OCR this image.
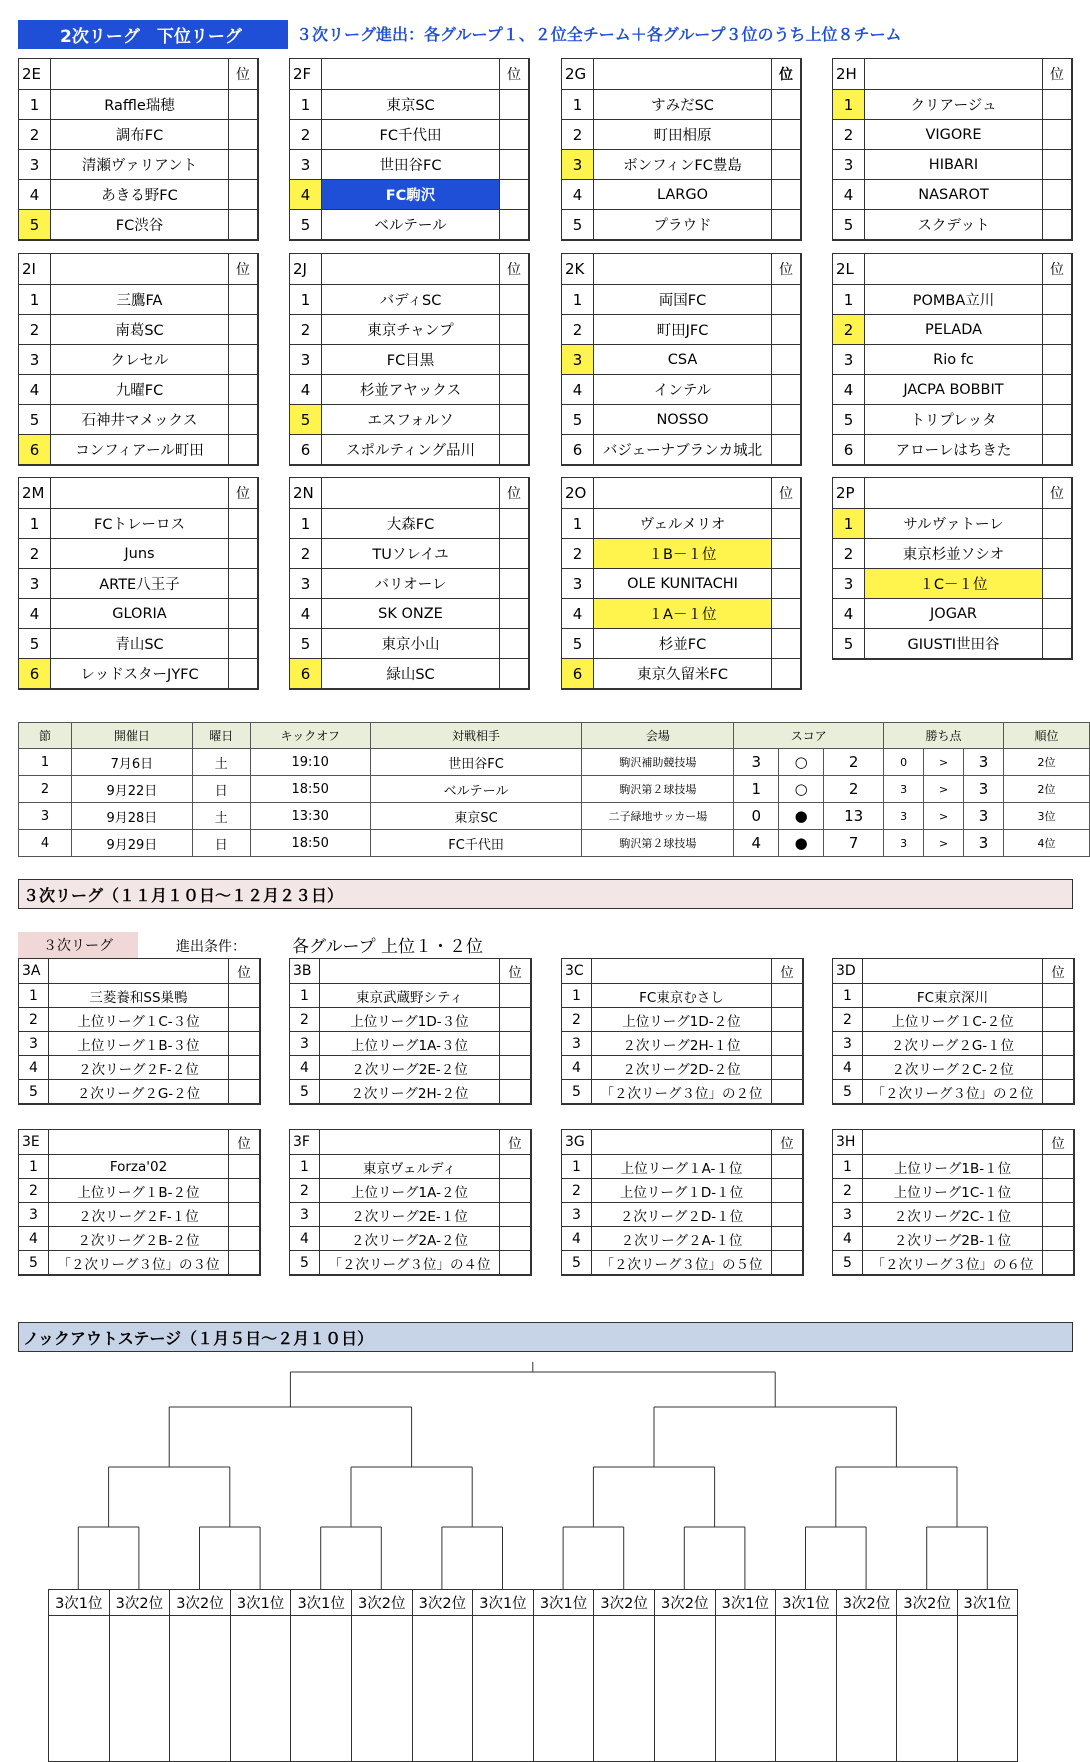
2次リーグ　下位リーグ	３次リーグ進出：各グループ１、２位全チーム＋各グループ３位のうち上位８チーム
2E	位
1	Raffle瑞穂
2	調布FC
3	清瀬ヴァリアント
4	あきる野FC
5	FC渋谷
2F	位
1	東京SC
2	FC千代田
3	世田谷FC
4	FC駒沢
5	ベルテール
2G	位
1	すみだSC
2	町田相原
3	ボンフィンFC豊島
4	LARGO
5	プラウド
2H	位
1	クリアージュ
2	VIGORE
3	HIBARI
4	NASAROT
5	スクデット
2I	位
1	三鷹FA
2	南葛SC
3	クレセル
4	九曜FC
5	石神井マメックス
6	コンフィアール町田
2J	位
1	バディSC
2	東京チャンプ
3	FC目黒
4	杉並アヤックス
5	エスフォルソ
6	スポルティング品川
2K	位
1	両国FC
2	町田JFC
3	CSA
4	インテル
5	NOSSO
6	バジェーナブランカ城北
2L	位
1	POMBA立川
2	PELADA
3	Rio fc
4	JACPA BOBBIT
5	トリプレッタ
6	アローレはちきた
2M	位
1	FCトレーロス
2	Juns
3	ARTE八王子
4	GLORIA
5	青山SC
6	レッドスターJYFC
2N	位
1	大森FC
2	TUソレイユ
3	バリオーレ
4	SK ONZE
5	東京小山
6	緑山SC
2O	位
1	ヴェルメリオ
2	１B－１位
3	OLE KUNITACHI
4	１A－１位
5	杉並FC
6	東京久留米FC
2P	位
1	サルヴァトーレ
2	東京杉並ソシオ
3	１C－１位
4	JOGAR
5	GIUSTI世田谷
節	開催日	曜日	キックオフ	対戦相手	会場	スコア			勝ち点			順位
1	7月6日	土	19:10	世田谷FC	駒沢補助競技場	3	○	2	0	>	3	2位
2	9月22日	日	18:50	ベルテール	駒沢第２球技場	1	○	2	3	>	3	2位
3	9月28日	土	13:30	東京SC	二子緑地サッカー場	0	●	13	3	>	3	3位
4	9月29日	日	18:50	FC千代田	駒沢第２球技場	4	●	7	3	>	3	4位
３次リーグ（１１月１０日～１２月２３日）
３次リーグ	進出条件：	各グループ 上位１・２位
3A	位
1	三菱養和SS巣鴨
2	上位リーグ１C-３位
3	上位リーグ１B-３位
4	２次リーグ２F-２位
5	２次リーグ２G-２位
3B	位
1	東京武蔵野シティ
2	上位リーグ1D-３位
3	上位リーグ1A-３位
4	２次リーグ2E-２位
5	２次リーグ2H-２位
3C	位
1	FC東京むさし
2	上位リーグ1D-２位
3	２次リーグ2H-１位
4	２次リーグ2D-２位
5	「２次リーグ３位」の２位
3D	位
1	FC東京深川
2	上位リーグ１C-２位
3	２次リーグ２G-１位
4	２次リーグ２C-２位
5	「２次リーグ３位」の２位
3E	位
1	Forza'02
2	上位リーグ１B-２位
3	２次リーグ２F-１位
4	２次リーグ２B-２位
5	「２次リーグ３位」の３位
3F	位
1	東京ヴェルディ
2	上位リーグ1A-２位
3	２次リーグ2E-１位
4	２次リーグ2A-２位
5	「２次リーグ３位」の４位
3G	位
1	上位リーグ１A-１位
2	上位リーグ１D-１位
3	２次リーグ２D-１位
4	２次リーグ２A-１位
5	「２次リーグ３位」の５位
3H	位
1	上位リーグ1B-１位
2	上位リーグ1C-１位
3	２次リーグ2C-１位
4	２次リーグ2B-１位
5	「２次リーグ３位」の６位
ノックアウトステージ（１月５日～２月１０日）
3次1位 3次2位 3次2位 3次1位 3次1位 3次2位 3次2位 3次1位 3次1位 3次2位 3次2位 3次1位 3次1位 3次2位 3次2位 3次1位
